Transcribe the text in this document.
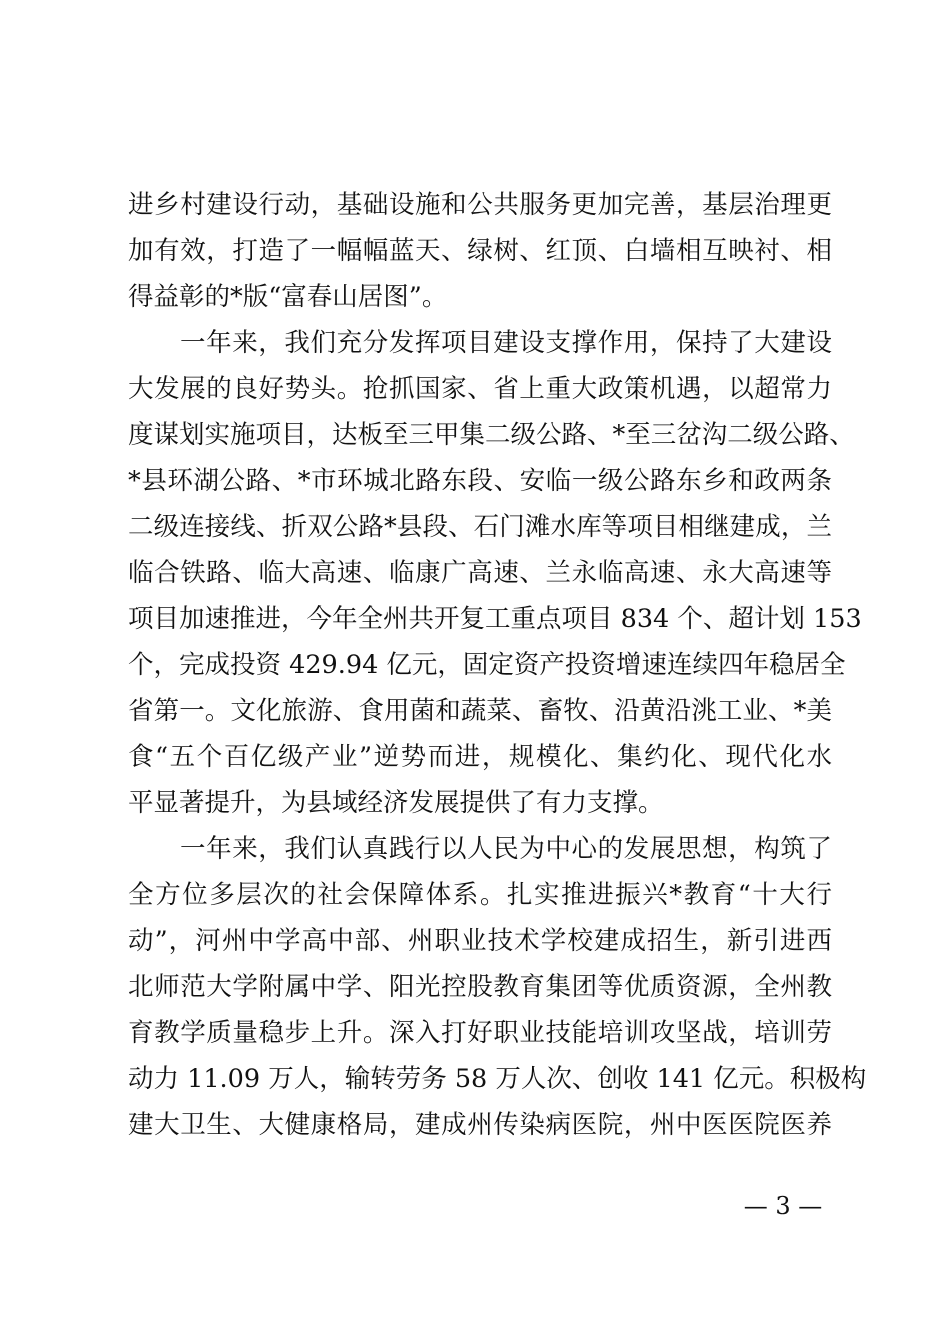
进乡村建设行动，基础设施和公共服务更加完善，基层治理更
加有效，打造了一幅幅蓝天、绿树、红顶、白墙相互映衬、相
得益彰的*版“富春山居图”。
一年来，我们充分发挥项目建设支撑作用，保持了大建设
大发展的良好势头。抢抓国家、省上重大政策机遇，以超常力
度谋划实施项目，达板至三甲集二级公路、*至三岔沟二级公路、
*县环湖公路、*市环城北路东段、安临一级公路东乡和政两条
二级连接线、折双公路*县段、石门滩水库等项目相继建成，兰
临合铁路、临大高速、临康广高速、兰永临高速、永大高速等
项目加速推进，今年全州共开复工重点项目 834 个、超计划 153
个，完成投资 429.94 亿元，固定资产投资增速连续四年稳居全
省第一。文化旅游、食用菌和蔬菜、畜牧、沿黄沿洮工业、*美
食“五个百亿级产业”逆势而进，规模化、集约化、现代化水
平显著提升，为县域经济发展提供了有力支撑。
一年来，我们认真践行以人民为中心的发展思想，构筑了
全方位多层次的社会保障体系。扎实推进振兴*教育“十大行
动”，河州中学高中部、州职业技术学校建成招生，新引进西
北师范大学附属中学、阳光控股教育集团等优质资源，全州教
育教学质量稳步上升。深入打好职业技能培训攻坚战，培训劳
动力 11.09 万人，输转劳务 58 万人次、创收 141 亿元。积极构
建大卫生、大健康格局，建成州传染病医院，州中医医院医养
— 3 —
